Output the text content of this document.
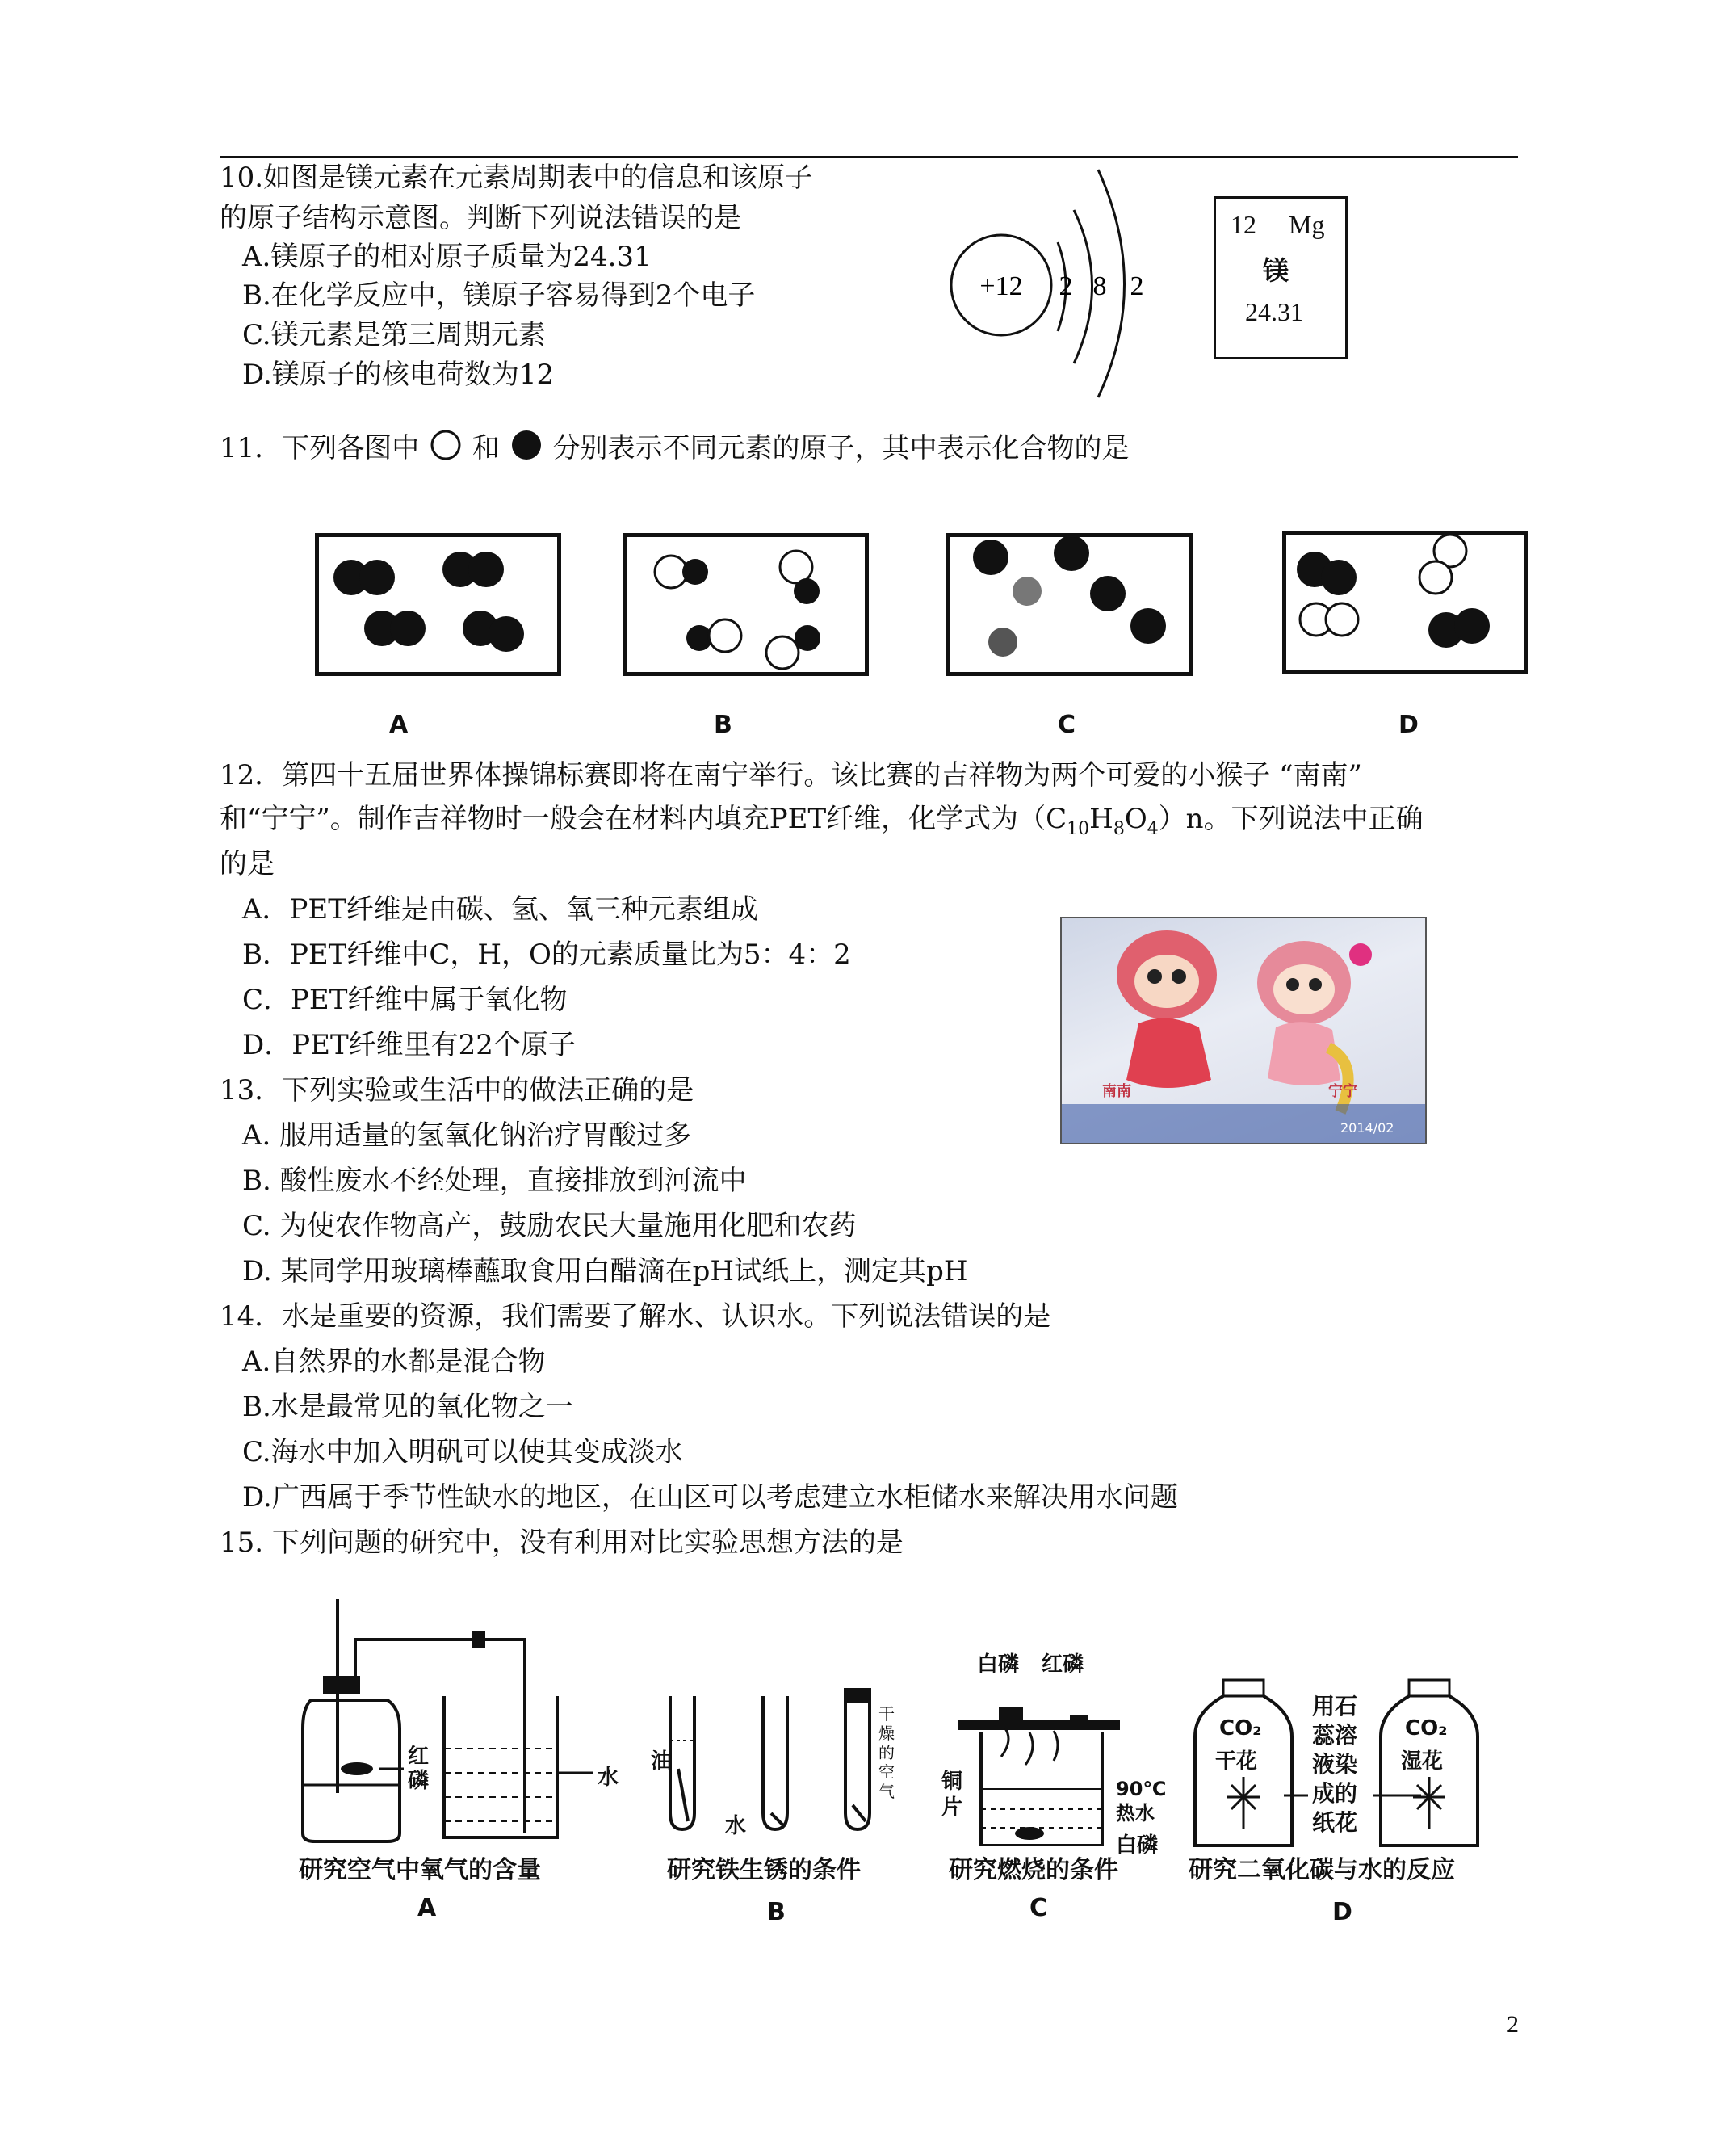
10.如图是镁元素在元素周期表中的信息和该原子
的原子结构示意图。判断下列说法错误的是
A.镁原子的相对原子质量为24.31
B.在化学反应中，镁原子容易得到2个电子
C.镁元素是第三周期元素
D.镁原子的核电荷数为12
+12 2 8 2
12 Mg
镁
24.31
11．下列各图中 和 分别表示不同元素的原子，其中表示化合物的是
A	B	C	D
12．第四十五届世界体操锦标赛即将在南宁举行。该比赛的吉祥物为两个可爱的小猴子 “南南”
和“宁宁”。制作吉祥物时一般会在材料内填充PET纤维，化学式为$(C_{10}H_8O_4)n$。下列说法中正确
的是
A．PET纤维是由碳、氢、氧三种元素组成
B．PET纤维中C，H，O的元素质量比为5：4：2
C．PET纤维中属于氧化物
D．PET纤维里有22个原子
南南	宁宁
2014/02
13．下列实验或生活中的做法正确的是
A. 服用适量的氢氧化钠治疗胃酸过多
B. 酸性废水不经处理，直接排放到河流中
C. 为使农作物高产，鼓励农民大量施用化肥和农药
D. 某同学用玻璃棒蘸取食用白醋滴在pH试纸上，测定其pH
14．水是重要的资源，我们需要了解水、认识水。下列说法错误的是
A.自然界的水都是混合物
B.水是最常见的氧化物之一
C.海水中加入明矾可以使其变成淡水
D.广西属于季节性缺水的地区，在山区可以考虑建立水柜储水来解决用水问题
15. 下列问题的研究中，没有利用对比实验思想方法的是
红磷	水
研究空气中氧气的含量
A
油
水
干燥的空气
研究铁生锈的条件
B
白磷 红磷
铜片
90℃热水
白磷
研究燃烧的条件
C
CO₂
干花
CO₂
湿花
用石蕊溶液染成的纸花
研究二氧化碳与水的反应
D
2
